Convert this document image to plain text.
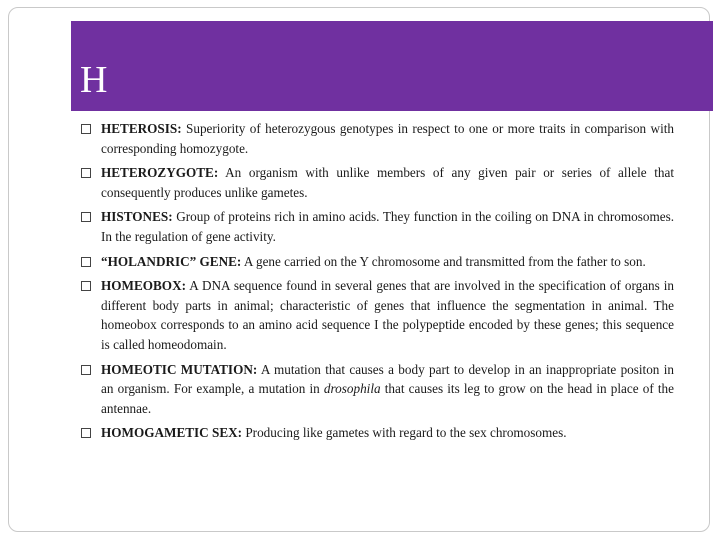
H
HETEROSIS: Superiority of heterozygous genotypes in respect to one or more traits in comparison with corresponding homozygote.
HETEROZYGOTE: An organism with unlike members of any given pair or series of allele that consequently produces unlike gametes.
HISTONES: Group of proteins rich in amino acids. They function in the coiling on DNA in chromosomes. In the regulation of gene activity.
“HOLANDRIC” GENE: A gene carried on the Y chromosome and transmitted from the father to son.
HOMEOBOX: A DNA sequence found in several genes that are involved in the specification of organs in different body parts in animal; characteristic of genes that influence the segmentation in animal. The homeobox corresponds to an amino acid sequence I the polypeptide encoded by these genes; this sequence is called homeodomain.
HOMEOTIC MUTATION: A mutation that causes a body part to develop in an inappropriate positon in an organism. For example, a mutation in drosophila that causes its leg to grow on the head in place of the antennae.
HOMOGAMETIC SEX: Producing like gametes with regard to the sex chromosomes.
